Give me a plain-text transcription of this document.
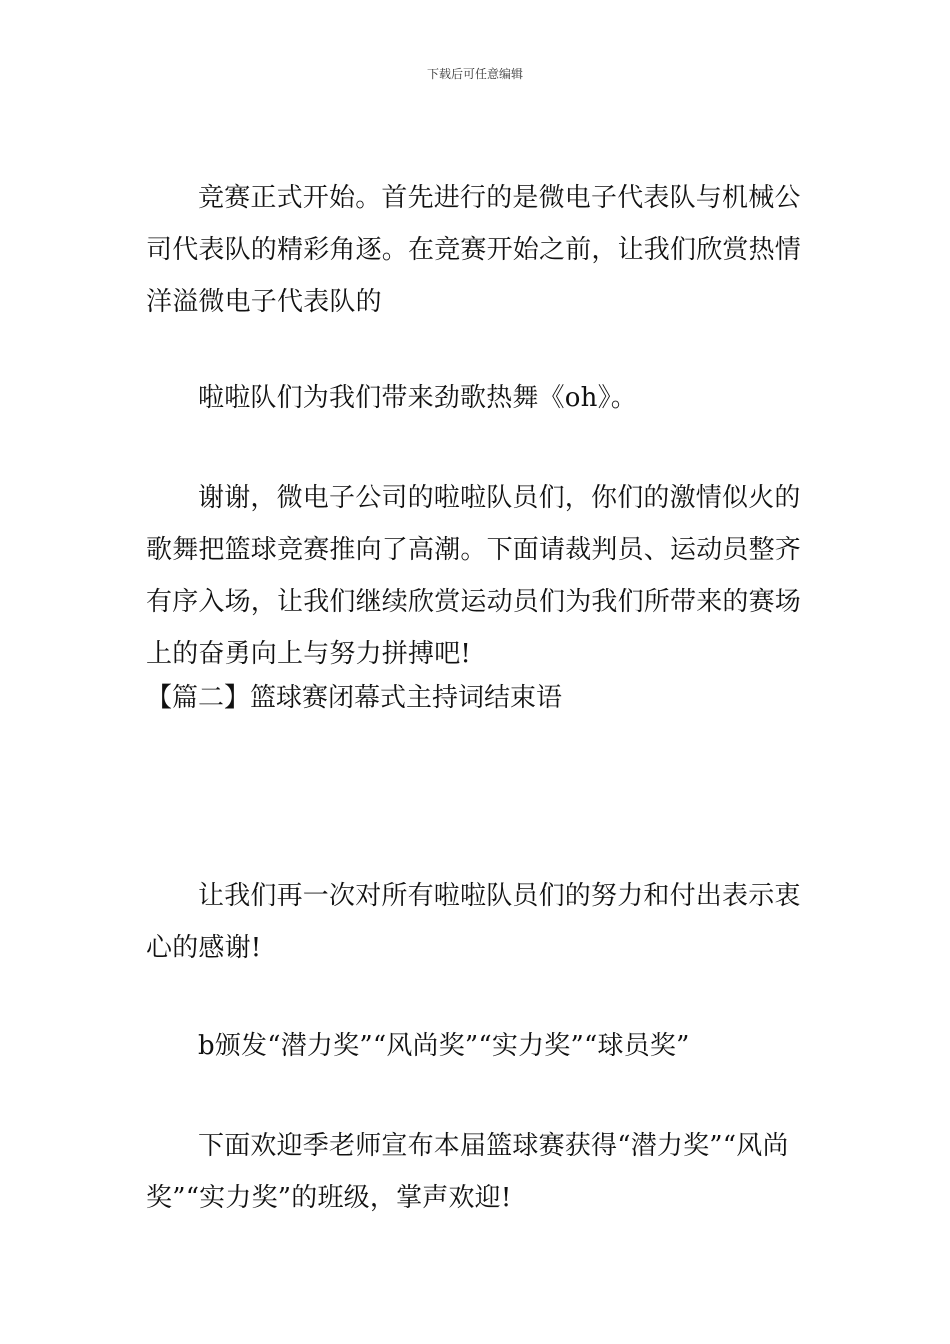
下载后可任意编辑

竞赛正式开始。首先进行的是微电子代表队与机械公司代表队的精彩角逐。在竞赛开始之前，让我们欣赏热情洋溢微电子代表队的

啦啦队们为我们带来劲歌热舞《oh》。

谢谢，微电子公司的啦啦队员们，你们的激情似火的歌舞把篮球竞赛推向了高潮。下面请裁判员、运动员整齐有序入场，让我们继续欣赏运动员们为我们所带来的赛场上的奋勇向上与努力拼搏吧!

【篇二】篮球赛闭幕式主持词结束语

让我们再一次对所有啦啦队员们的努力和付出表示衷心的感谢!

b颁发“潜力奖”“风尚奖”“实力奖”“球员奖”

下面欢迎季老师宣布本届篮球赛获得“潜力奖”“风尚奖”“实力奖”的班级，掌声欢迎!
